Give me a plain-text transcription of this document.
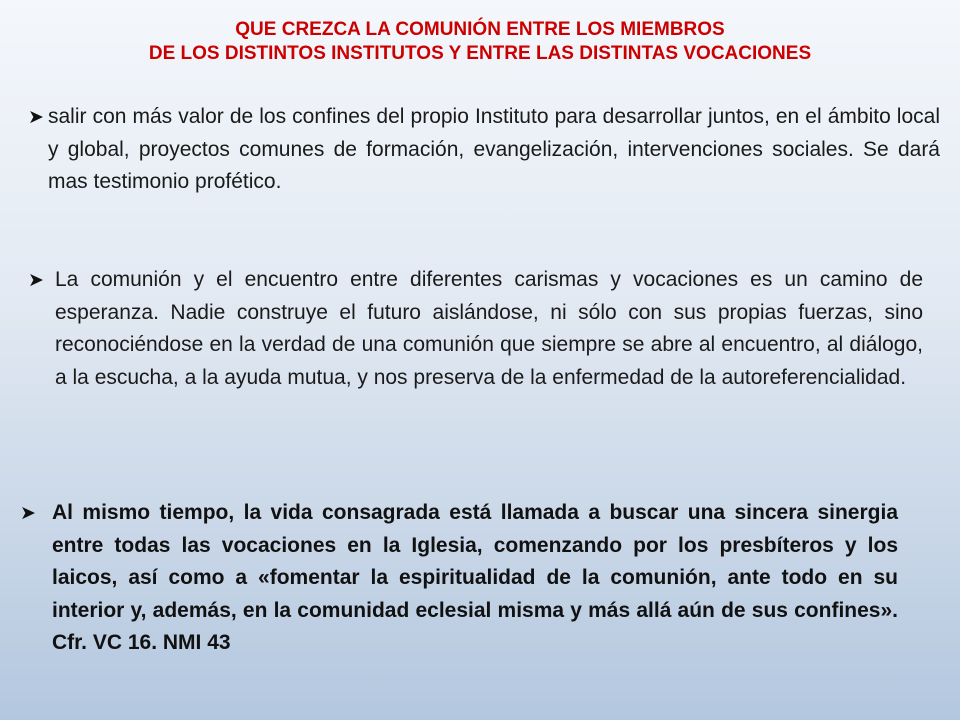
QUE CREZCA LA COMUNIÓN ENTRE LOS MIEMBROS
DE LOS DISTINTOS INSTITUTOS Y ENTRE LAS DISTINTAS VOCACIONES
➤ salir con más valor de los confines del propio Instituto para desarrollar juntos, en el ámbito local y global, proyectos comunes de formación, evangelización, intervenciones sociales. Se dará mas testimonio profético.

➤ La comunión y el encuentro entre diferentes carismas y vocaciones es un camino de esperanza. Nadie construye el futuro aislándose, ni sólo con sus propias fuerzas, sino reconociéndose en la verdad de una comunión que siempre se abre al encuentro, al diálogo, a la escucha, a la ayuda mutua, y nos preserva de la enfermedad de la autoreferencialidad.

➤ Al mismo tiempo, la vida consagrada está llamada a buscar una sincera sinergia entre todas las vocaciones en la Iglesia, comenzando por los presbíteros y los laicos, así como a «fomentar la espiritualidad de la comunión, ante todo en su interior y, además, en la comunidad eclesial misma y más allá aún de sus confines». Cfr. VC 16. NMI 43
